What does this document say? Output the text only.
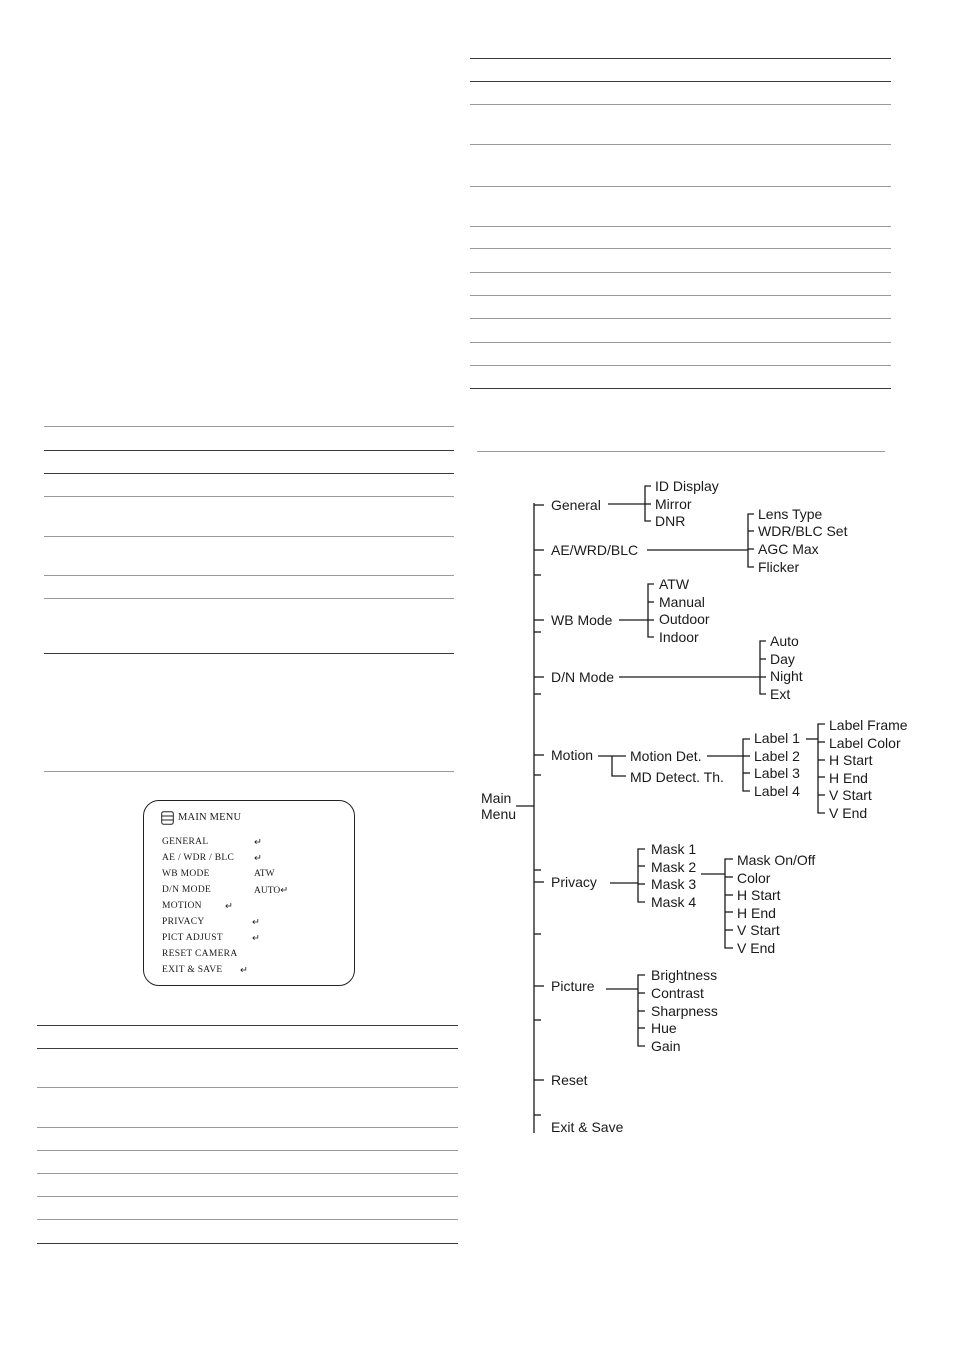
MAIN MENU
GENERAL	↵
AE / WDR / BLC ↵
WB MODE	ATW
D/N MODE	AUTO↵
MOTION ↵
PRIVACY	↵
PICT ADJUST	↵
RESET CAMERA
EXIT & SAVE ↵
Main
Menu
General
ID Display
Mirror
DNR
AE/WRD/BLC
Lens Type
WDR/BLC Set
AGC Max
Flicker
WB Mode
ATW
Manual
Outdoor
Indoor
D/N Mode
Auto
Day
Night
Ext
Motion	Motion Det.
MD Detect. Th.
Label 1
Label 2
Label 3
Label 4
Label Frame
Label Color
H Start
H End
V Start
V End
Privacy
Mask 1
Mask 2
Mask 3
Mask 4
Mask On/Off
Color
H Start
H End
V Start
V End
Picture
Brightness
Contrast
Sharpness
Hue
Gain
Reset
Exit & Save
